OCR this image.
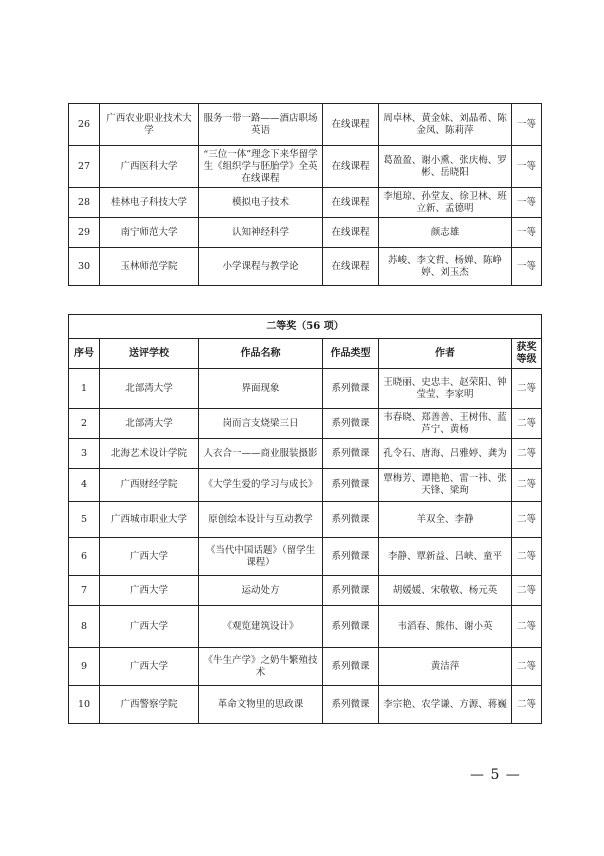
26	广西农业职业技术大学	服务一带一路——酒店职场英语	在线课程	周卓林、黄金妹、刘晶希、陈金凤、陈莉萍	一等
27	广西医科大学	“三位一体”理念下来华留学生《组织学与胚胎学》全英在线课程	在线课程	葛盈盈、谢小熏、张庆梅、罗彬、岳晓阳	一等
28	桂林电子科技大学	模拟电子技术	在线课程	李旭琼、孙堂友、徐卫林、班立新、孟德明	一等
29	南宁师范大学	认知神经科学	在线课程	颜志雄	一等
30	玉林师范学院	小学课程与教学论	在线课程	苏峻、李文哲、杨婵、陈峥婷、刘玉杰	一等
二等奖（56 项）					
序号	送评学校	作品名称	作品类型	作者	获奖等级
1	北部湾大学	界面现象	系列微课	王晓丽、史忠丰、赵荣阳、钟莹莹、李家明	二等
2	北部湾大学	岗而言支烧梁三日	系列微课	韦春晓、郑善善、王树伟、蓝芦宁、黄杨	二等
3	北海艺术设计学院	人衣合一——商业服装摄影	系列微课	孔令石、唐海、吕雅婷、龚为	二等
4	广西财经学院	《大学生爱的学习与成长》	系列微课	覃梅芳、谭艳艳、雷一祎、张天锋、梁珣	二等
5	广西城市职业大学	原创绘本设计与互动教学	系列微课	羊双全、李静	二等
6	广西大学	《当代中国话题》（留学生课程）	系列微课	李静、覃新益、吕峡、童平	二等
7	广西大学	运动处方	系列微课	胡媛媛、宋敬敬、杨元英	二等
8	广西大学	《观览建筑设计》	系列微课	韦滔春、熊伟、谢小英	二等
9	广西大学	《牛生产学》之奶牛繁殖技术	系列微课	黄洁萍	二等
10	广西警察学院	革命文物里的思政课	系列微课	李宗艳、农学谦、方源、蒋巍	二等
— 5 —
